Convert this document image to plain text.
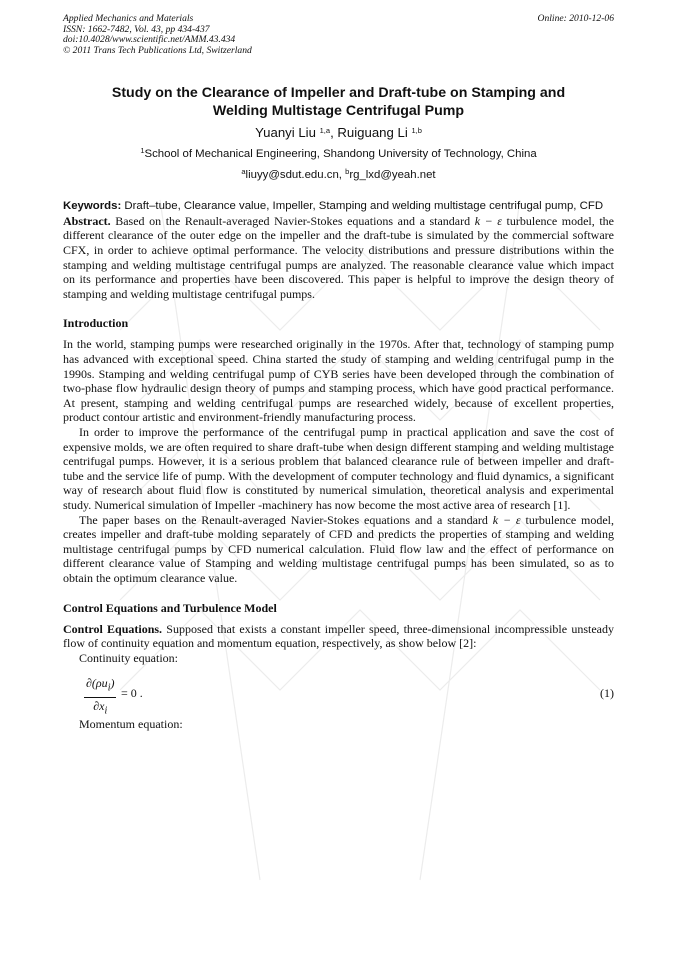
Applied Mechanics and Materials
ISSN: 1662-7482, Vol. 43, pp 434-437
doi:10.4028/www.scientific.net/AMM.43.434
© 2011 Trans Tech Publications Ltd, Switzerland
Online: 2010-12-06
Study on the Clearance of Impeller and Draft-tube on Stamping and
Welding Multistage Centrifugal Pump
Yuanyi Liu $^{1,a}$, Ruiguang Li $^{1,b}$
$^1$School of Mechanical Engineering, Shandong University of Technology, China
$^a$liuyy@sdut.edu.cn, $^b$rg_lxd@yeah.net
Keywords: Draft–tube, Clearance value, Impeller, Stamping and welding multistage centrifugal pump, CFD

Abstract. Based on the Renault-averaged Navier-Stokes equations and a standard k − ε turbulence model, the different clearance of the outer edge on the impeller and the draft-tube is simulated by the commercial software CFX, in order to achieve optimal performance. The velocity distributions and pressure distributions within the stamping and welding multistage centrifugal pumps are analyzed. The reasonable clearance value which impact on its performance and properties have been discovered. This paper is helpful to improve the design theory of stamping and welding multistage centrifugal pumps.

Introduction

In the world, stamping pumps were researched originally in the 1970s. After that, technology of stamping pump has advanced with exceptional speed. China started the study of stamping and welding centrifugal pump in the 1990s. Stamping and welding centrifugal pump of CYB series have been developed through the combination of two-phase flow hydraulic design theory of pumps and stamping process, which have good practical performance. At present, stamping and welding centrifugal pumps are researched widely, because of excellent properties, product contour artistic and environment-friendly manufacturing process.

In order to improve the performance of the centrifugal pump in practical application and save the cost of expensive molds, we are often required to share draft-tube when design different stamping and welding multistage centrifugal pumps. However, it is a serious problem that balanced clearance rule of between impeller and draft-tube and the service life of pump. With the development of computer technology and fluid dynamics, a significant way of research about fluid flow is constituted by numerical simulation, theoretical analysis and experimental study. Numerical simulation of Impeller -machinery has now become the most active area of research [1].

The paper bases on the Renault-averaged Navier-Stokes equations and a standard k − ε turbulence model, creates impeller and draft-tube molding separately of CFD and predicts the properties of stamping and welding multistage centrifugal pumps by CFD numerical calculation. Fluid flow law and the effect of performance on different clearance value of Stamping and welding multistage centrifugal pumps has been simulated, so as to obtain the optimum clearance value.

Control Equations and Turbulence Model

Control Equations. Supposed that exists a constant impeller speed, three-dimensional incompressible unsteady flow of continuity equation and momentum equation, respectively, as show below [2]:

Continuity equation:
$\partial(\rho u_i)$
$\partial x_i$
= 0 .	(1)
Momentum equation:
